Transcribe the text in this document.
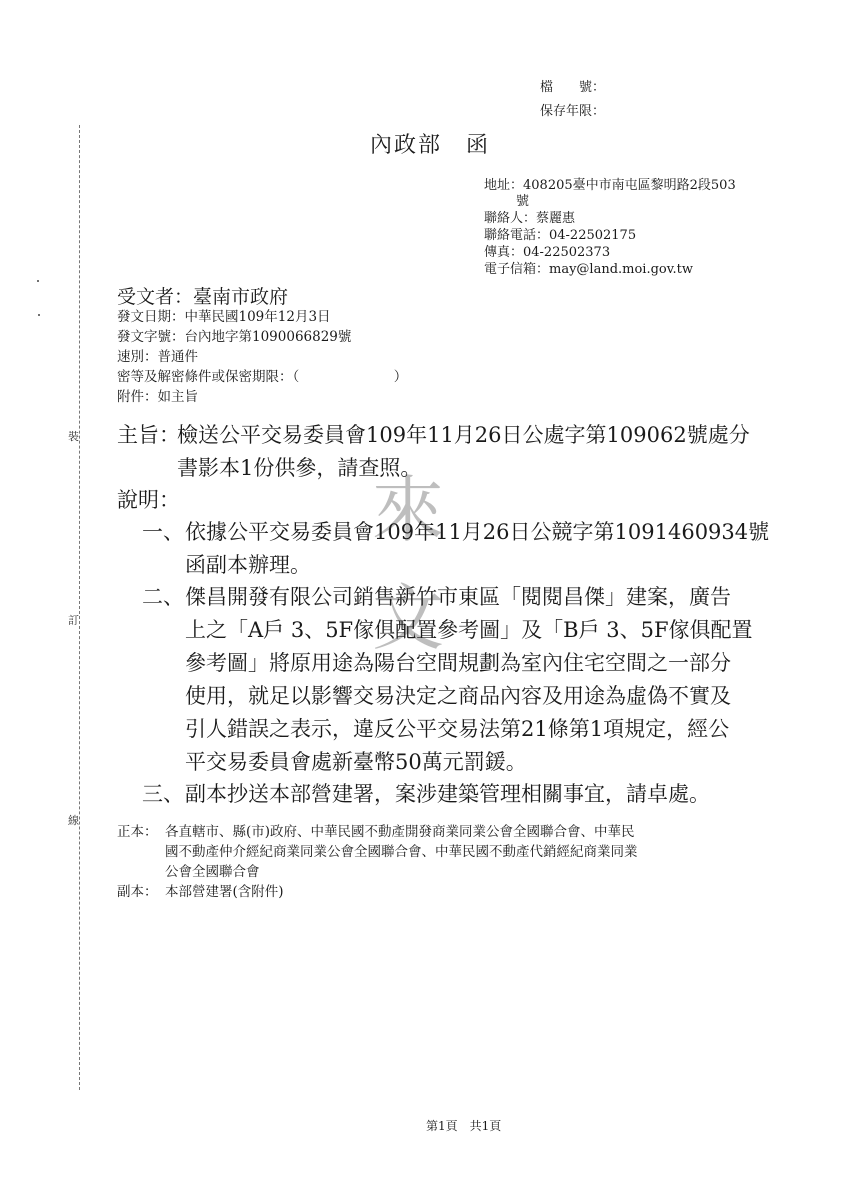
裝
訂
線
檔　　號：
保存年限：
內政部　函
地址：408205臺中市南屯區黎明路2段503
號
聯絡人：蔡麗惠
聯絡電話：04-22502175
傳真：04-22502373
電子信箱：may@land.moi.gov.tw
受文者：臺南市政府
發文日期：中華民國109年12月3日
發文字號：台內地字第1090066829號
速別：普通件
密等及解密條件或保密期限：（　　　　　　　）
附件：如主旨
來
文
主旨：
檢送公平交易委員會109年11月26日公處字第109062號處分
書影本1份供參，請查照。
說明：
一、 依據公平交易委員會109年11月26日公競字第1091460934號
函副本辦理。
二、 傑昌開發有限公司銷售新竹市東區「閱閱昌傑」建案，廣告
上之「A戶 3、5F傢俱配置參考圖」及「B戶 3、5F傢俱配置
參考圖」將原用途為陽台空間規劃為室內住宅空間之一部分
使用，就足以影響交易決定之商品內容及用途為虛偽不實及
引人錯誤之表示，違反公平交易法第21條第1項規定，經公
平交易委員會處新臺幣50萬元罰鍰。
三、 副本抄送本部營建署，案涉建築管理相關事宜，請卓處。
正本： 各直轄市、縣(市)政府、中華民國不動產開發商業同業公會全國聯合會、中華民
國不動產仲介經紀商業同業公會全國聯合會、中華民國不動產代銷經紀商業同業
公會全國聯合會
副本： 本部營建署(含附件)
第1頁　共1頁
